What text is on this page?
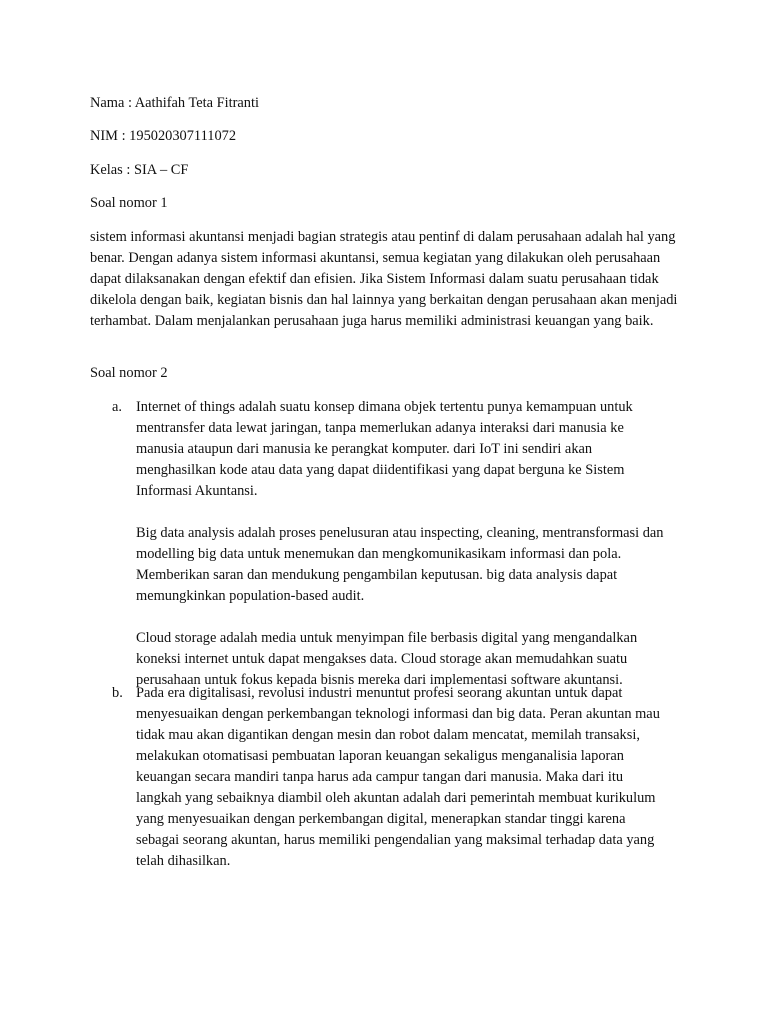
Nama : Aathifah Teta Fitranti

NIM : 195020307111072

Kelas : SIA – CF

Soal nomor 1

sistem informasi akuntansi menjadi bagian strategis atau pentinf di dalam perusahaan adalah hal yang benar. Dengan adanya sistem informasi akuntansi, semua kegiatan yang dilakukan oleh perusahaan dapat dilaksanakan dengan efektif dan efisien. Jika Sistem Informasi dalam suatu perusahaan tidak dikelola dengan baik, kegiatan bisnis dan hal lainnya yang berkaitan dengan perusahaan akan menjadi terhambat. Dalam menjalankan perusahaan juga harus memiliki administrasi keuangan yang baik.

Soal nomor 2

a. Internet of things adalah suatu konsep dimana objek tertentu punya kemampuan untuk mentransfer data lewat jaringan, tanpa memerlukan adanya interaksi dari manusia ke manusia ataupun dari manusia ke perangkat komputer. dari IoT ini sendiri akan menghasilkan kode atau data yang dapat diidentifikasi yang dapat berguna ke Sistem Informasi Akuntansi.

Big data analysis adalah proses penelusuran atau inspecting, cleaning, mentransformasi dan modelling big data untuk menemukan dan mengkomunikasikam informasi dan pola. Memberikan saran dan mendukung pengambilan keputusan. big data analysis dapat memungkinkan population-based audit.

Cloud storage adalah media untuk menyimpan file berbasis digital yang mengandalkan koneksi internet untuk dapat mengakses data. Cloud storage akan memudahkan suatu perusahaan untuk fokus kepada bisnis mereka dari implementasi software akuntansi.

b. Pada era digitalisasi, revolusi industri menuntut profesi seorang akuntan untuk dapat menyesuaikan dengan perkembangan teknologi informasi dan big data. Peran akuntan mau tidak mau akan digantikan dengan mesin dan robot dalam mencatat, memilah transaksi, melakukan otomatisasi pembuatan laporan keuangan sekaligus menganalisia laporan keuangan secara mandiri tanpa harus ada campur tangan dari manusia. Maka dari itu langkah yang sebaiknya diambil oleh akuntan adalah dari pemerintah membuat kurikulum yang menyesuaikan dengan perkembangan digital, menerapkan standar tinggi karena sebagai seorang akuntan, harus memiliki pengendalian yang maksimal terhadap data yang telah dihasilkan.
